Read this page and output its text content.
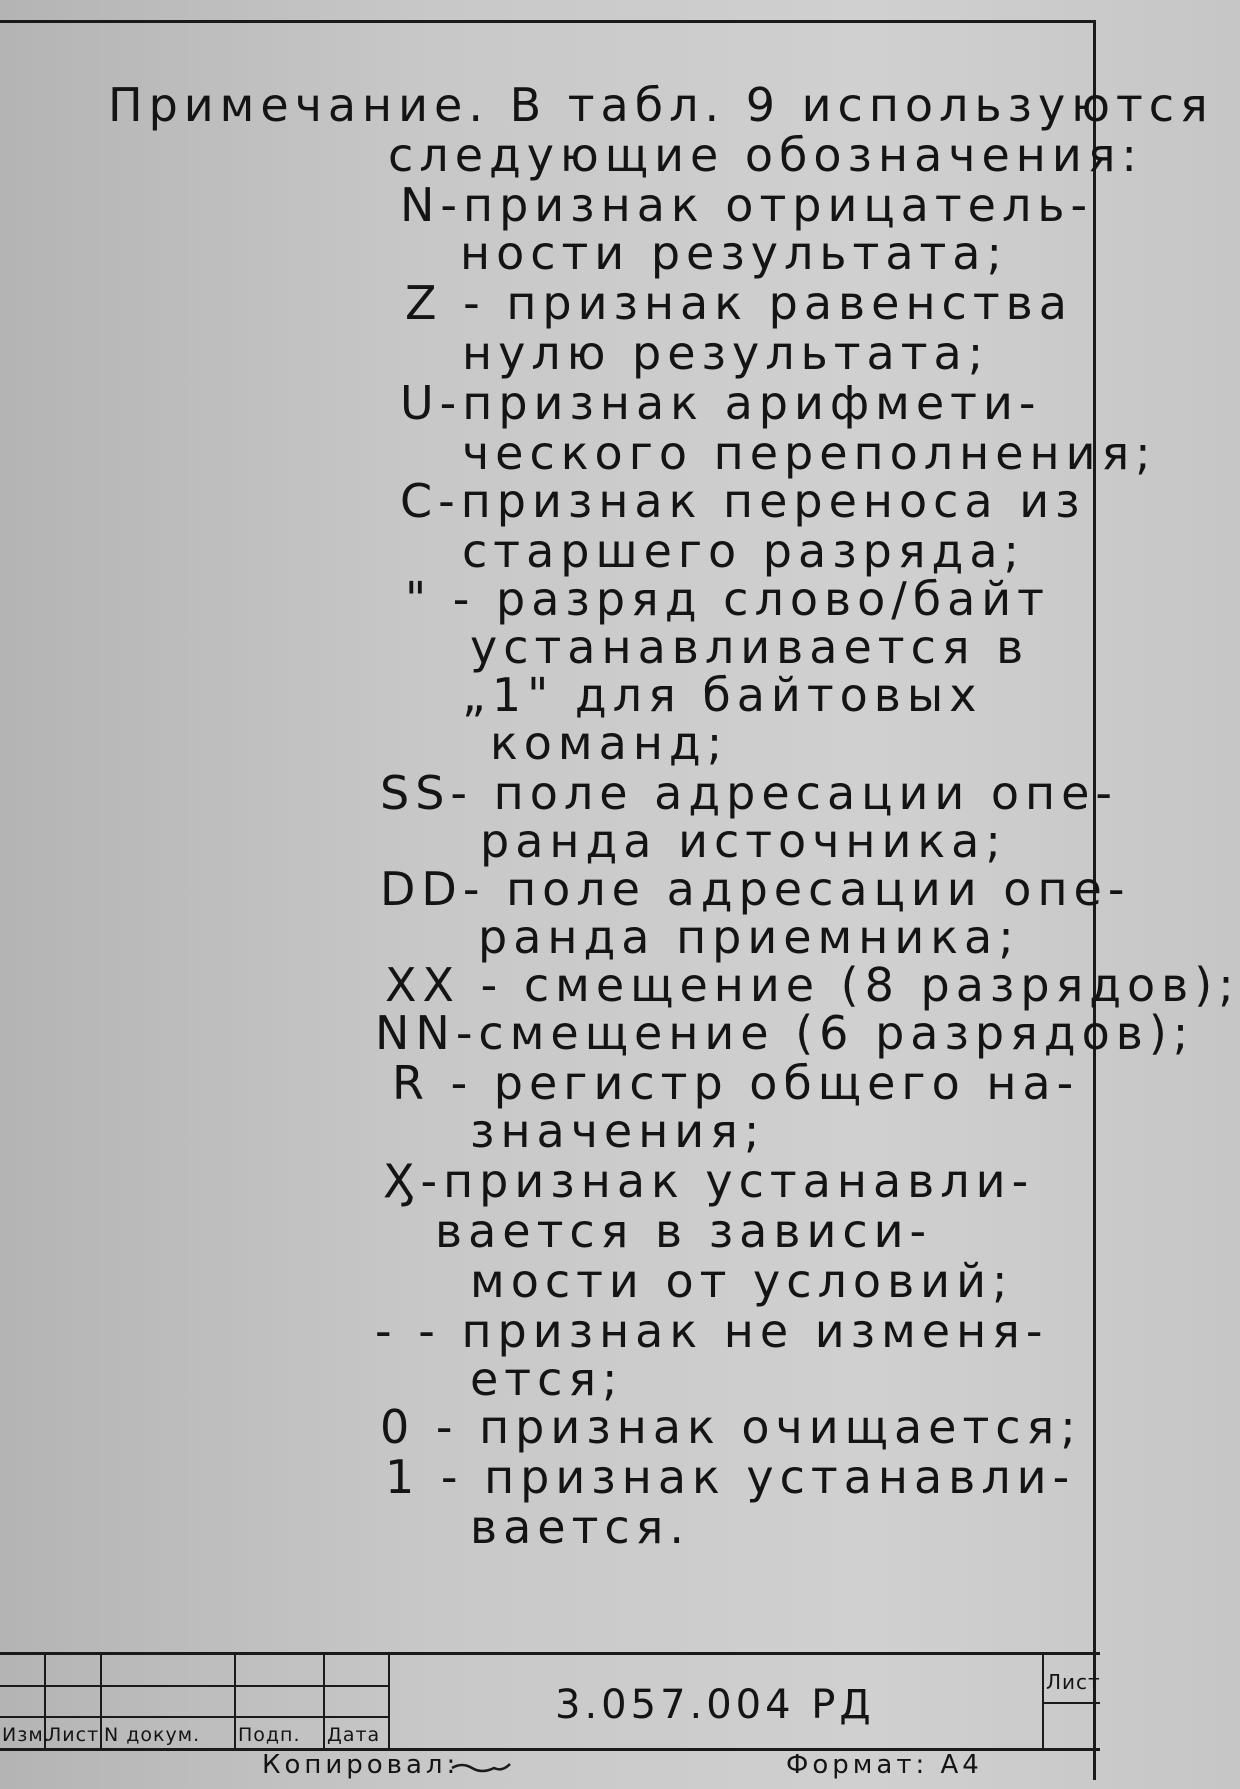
Примечание. В табл. 9 используются
следующие обозначения:
N-признак отрицатель-
ности результата;
Z - признак равенства
нулю результата;
U-признак арифмети-
ческого переполнения;
C-признак переноса из
старшего разряда;
" - разряд слово/байт
устанавливается в
„1" для байтовых
команд;
SS- поле адресации опе-
ранда источника;
DD- поле адресации опе-
ранда приемника;
XX - смещение (8 разрядов);
NN-смещение (6 разрядов);
R - регистр общего на-
значения;
Ӽ-признак устанавли-
вается в зависи-
мости от условий;
- - признак не изменя-
ется;
0 - признак очищается;
1 - признак устанавли-
вается.
Изм.
Лист N докум. Подп. Дата
3.057.004 РД	Лист
Копировал:	Формат: А4
